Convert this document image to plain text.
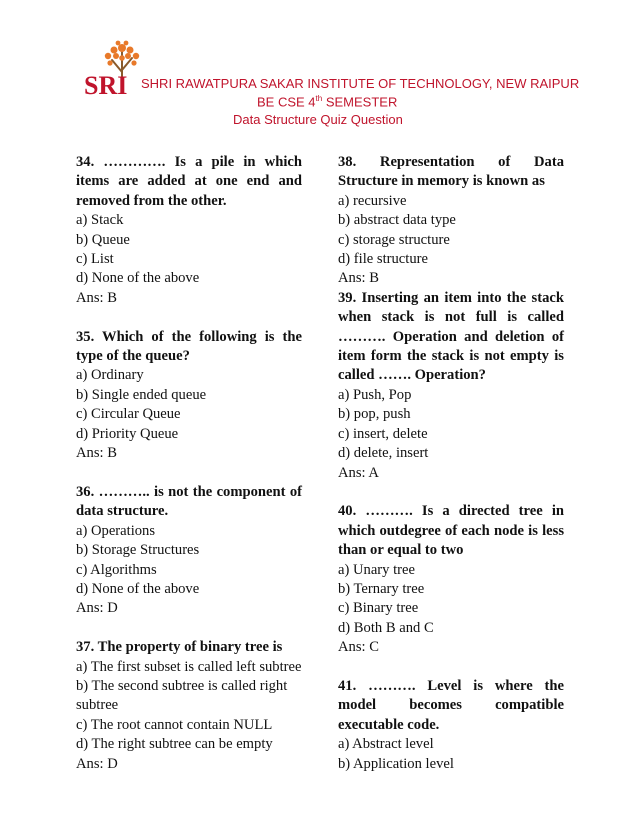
SRI SHRI RAWATPURA SAKAR INSTITUTE OF TECHNOLOGY, NEW RAIPUR
BE CSE 4th SEMESTER
Data Structure Quiz Question
34. …………. Is a pile in which items are added at one end and removed from the other.
a) Stack
b) Queue
c) List
d) None of the above
Ans: B
35. Which of the following is the type of the queue?
a) Ordinary
b) Single ended queue
c) Circular Queue
d) Priority Queue
Ans: B
36. ……….. is not the component of data structure.
a) Operations
b) Storage Structures
c) Algorithms
d) None of the above
Ans: D
37. The property of binary tree is
a) The first subset is called left subtree
b) The second subtree is called right subtree
c) The root cannot contain NULL
d) The right subtree can be empty
Ans: D
38. Representation of Data Structure in memory is known as
a) recursive
b) abstract data type
c) storage structure
d) file structure
Ans: B
39. Inserting an item into the stack when stack is not full is called ………. Operation and deletion of item form the stack is not empty is called ……. Operation?
a) Push, Pop
b) pop, push
c) insert, delete
d) delete, insert
Ans: A
40. ………. Is a directed tree in which outdegree of each node is less than or equal to two
a) Unary tree
b) Ternary tree
c) Binary tree
d) Both B and C
Ans: C
41. ………. Level is where the model becomes compatible executable code.
a) Abstract level
b) Application level
